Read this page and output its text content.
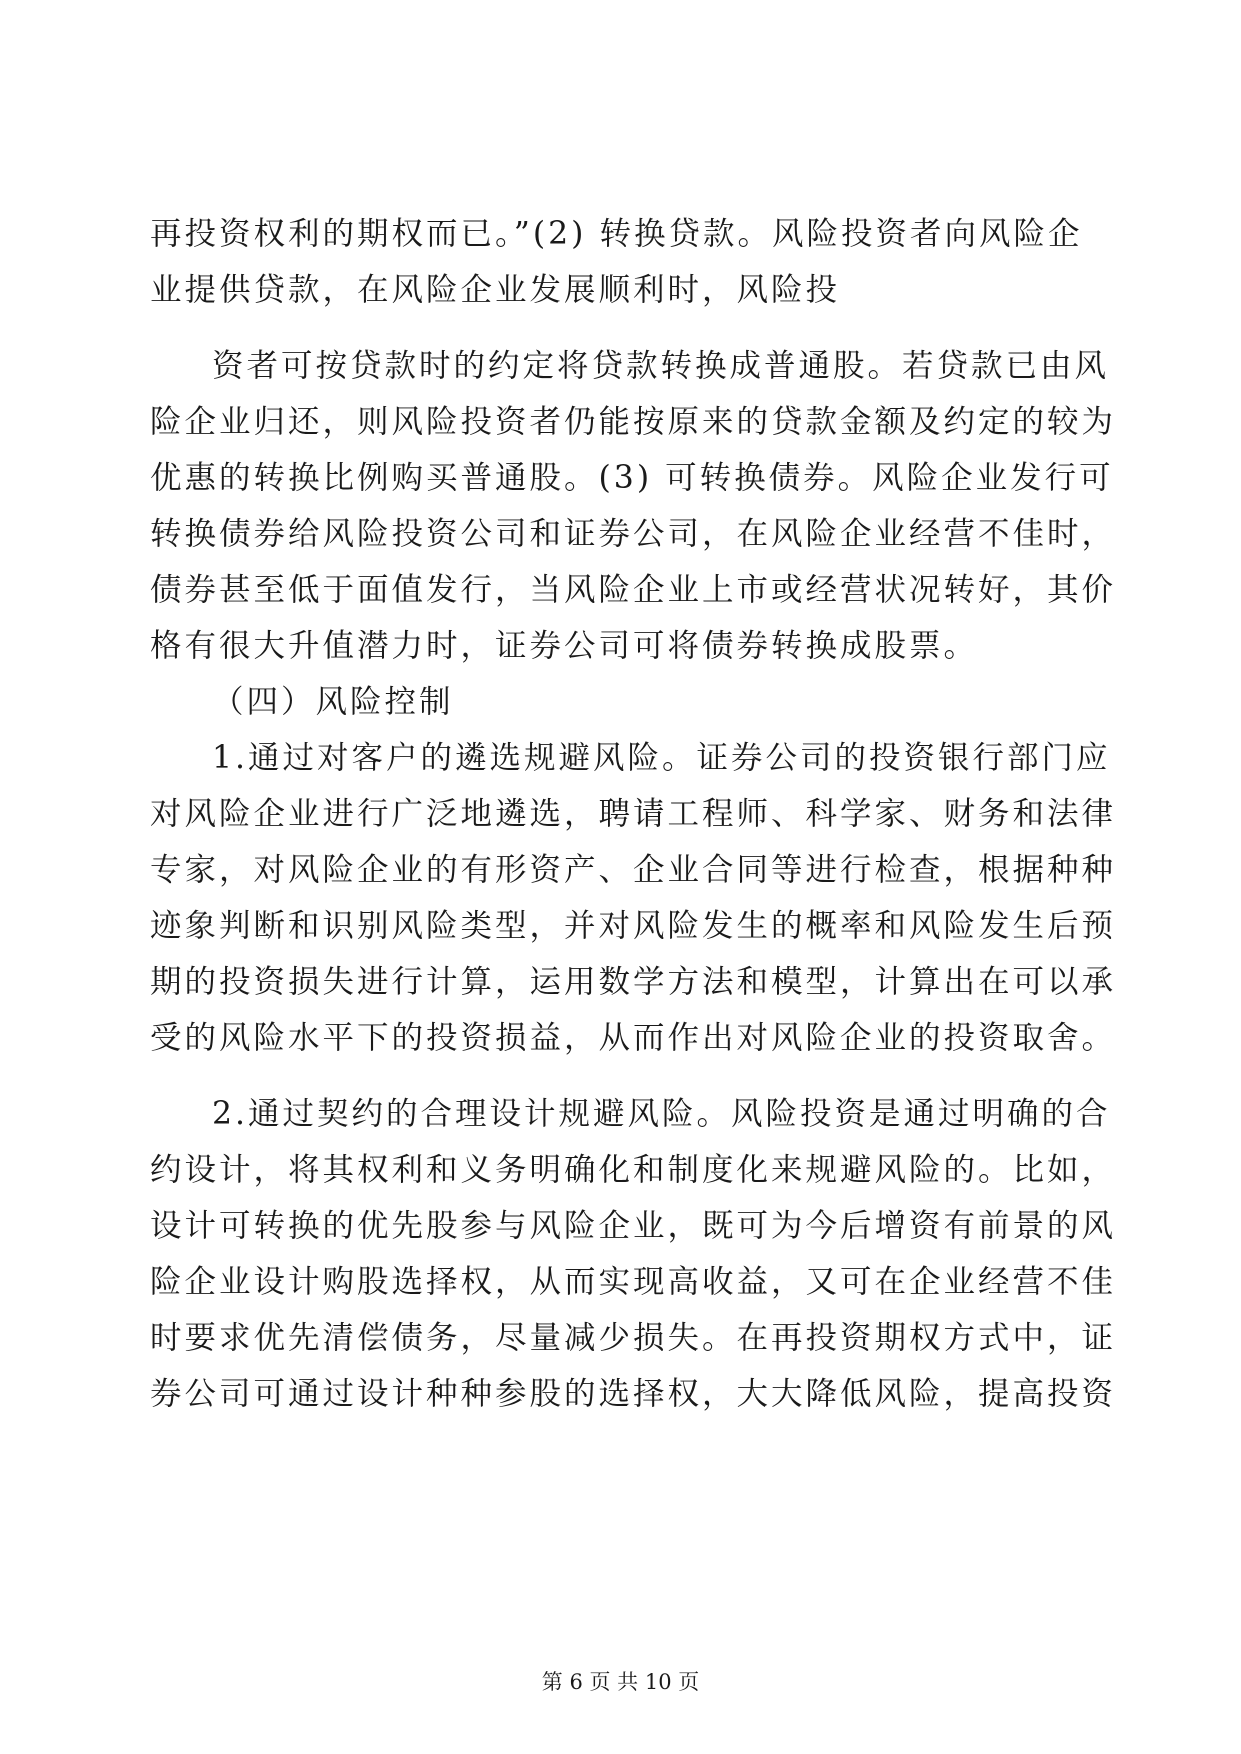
再投资权利的期权而已。”(2) 转换贷款。风险投资者向风险企
业提供贷款，在风险企业发展顺利时，风险投
资者可按贷款时的约定将贷款转换成普通股。若贷款已由风
险企业归还，则风险投资者仍能按原来的贷款金额及约定的较为
优惠的转换比例购买普通股。(3) 可转换债券。风险企业发行可
转换债券给风险投资公司和证券公司，在风险企业经营不佳时，
债券甚至低于面值发行，当风险企业上市或经营状况转好，其价
格有很大升值潜力时，证券公司可将债券转换成股票。
（四）风险控制
1.通过对客户的遴选规避风险。证券公司的投资银行部门应
对风险企业进行广泛地遴选，聘请工程师、科学家、财务和法律
专家，对风险企业的有形资产、企业合同等进行检查，根据种种
迹象判断和识别风险类型，并对风险发生的概率和风险发生后预
期的投资损失进行计算，运用数学方法和模型，计算出在可以承
受的风险水平下的投资损益，从而作出对风险企业的投资取舍。
2.通过契约的合理设计规避风险。风险投资是通过明确的合
约设计，将其权利和义务明确化和制度化来规避风险的。比如，
设计可转换的优先股参与风险企业，既可为今后增资有前景的风
险企业设计购股选择权，从而实现高收益，又可在企业经营不佳
时要求优先清偿债务，尽量减少损失。在再投资期权方式中，证
券公司可通过设计种种参股的选择权，大大降低风险，提高投资
第 6 页 共 10 页
